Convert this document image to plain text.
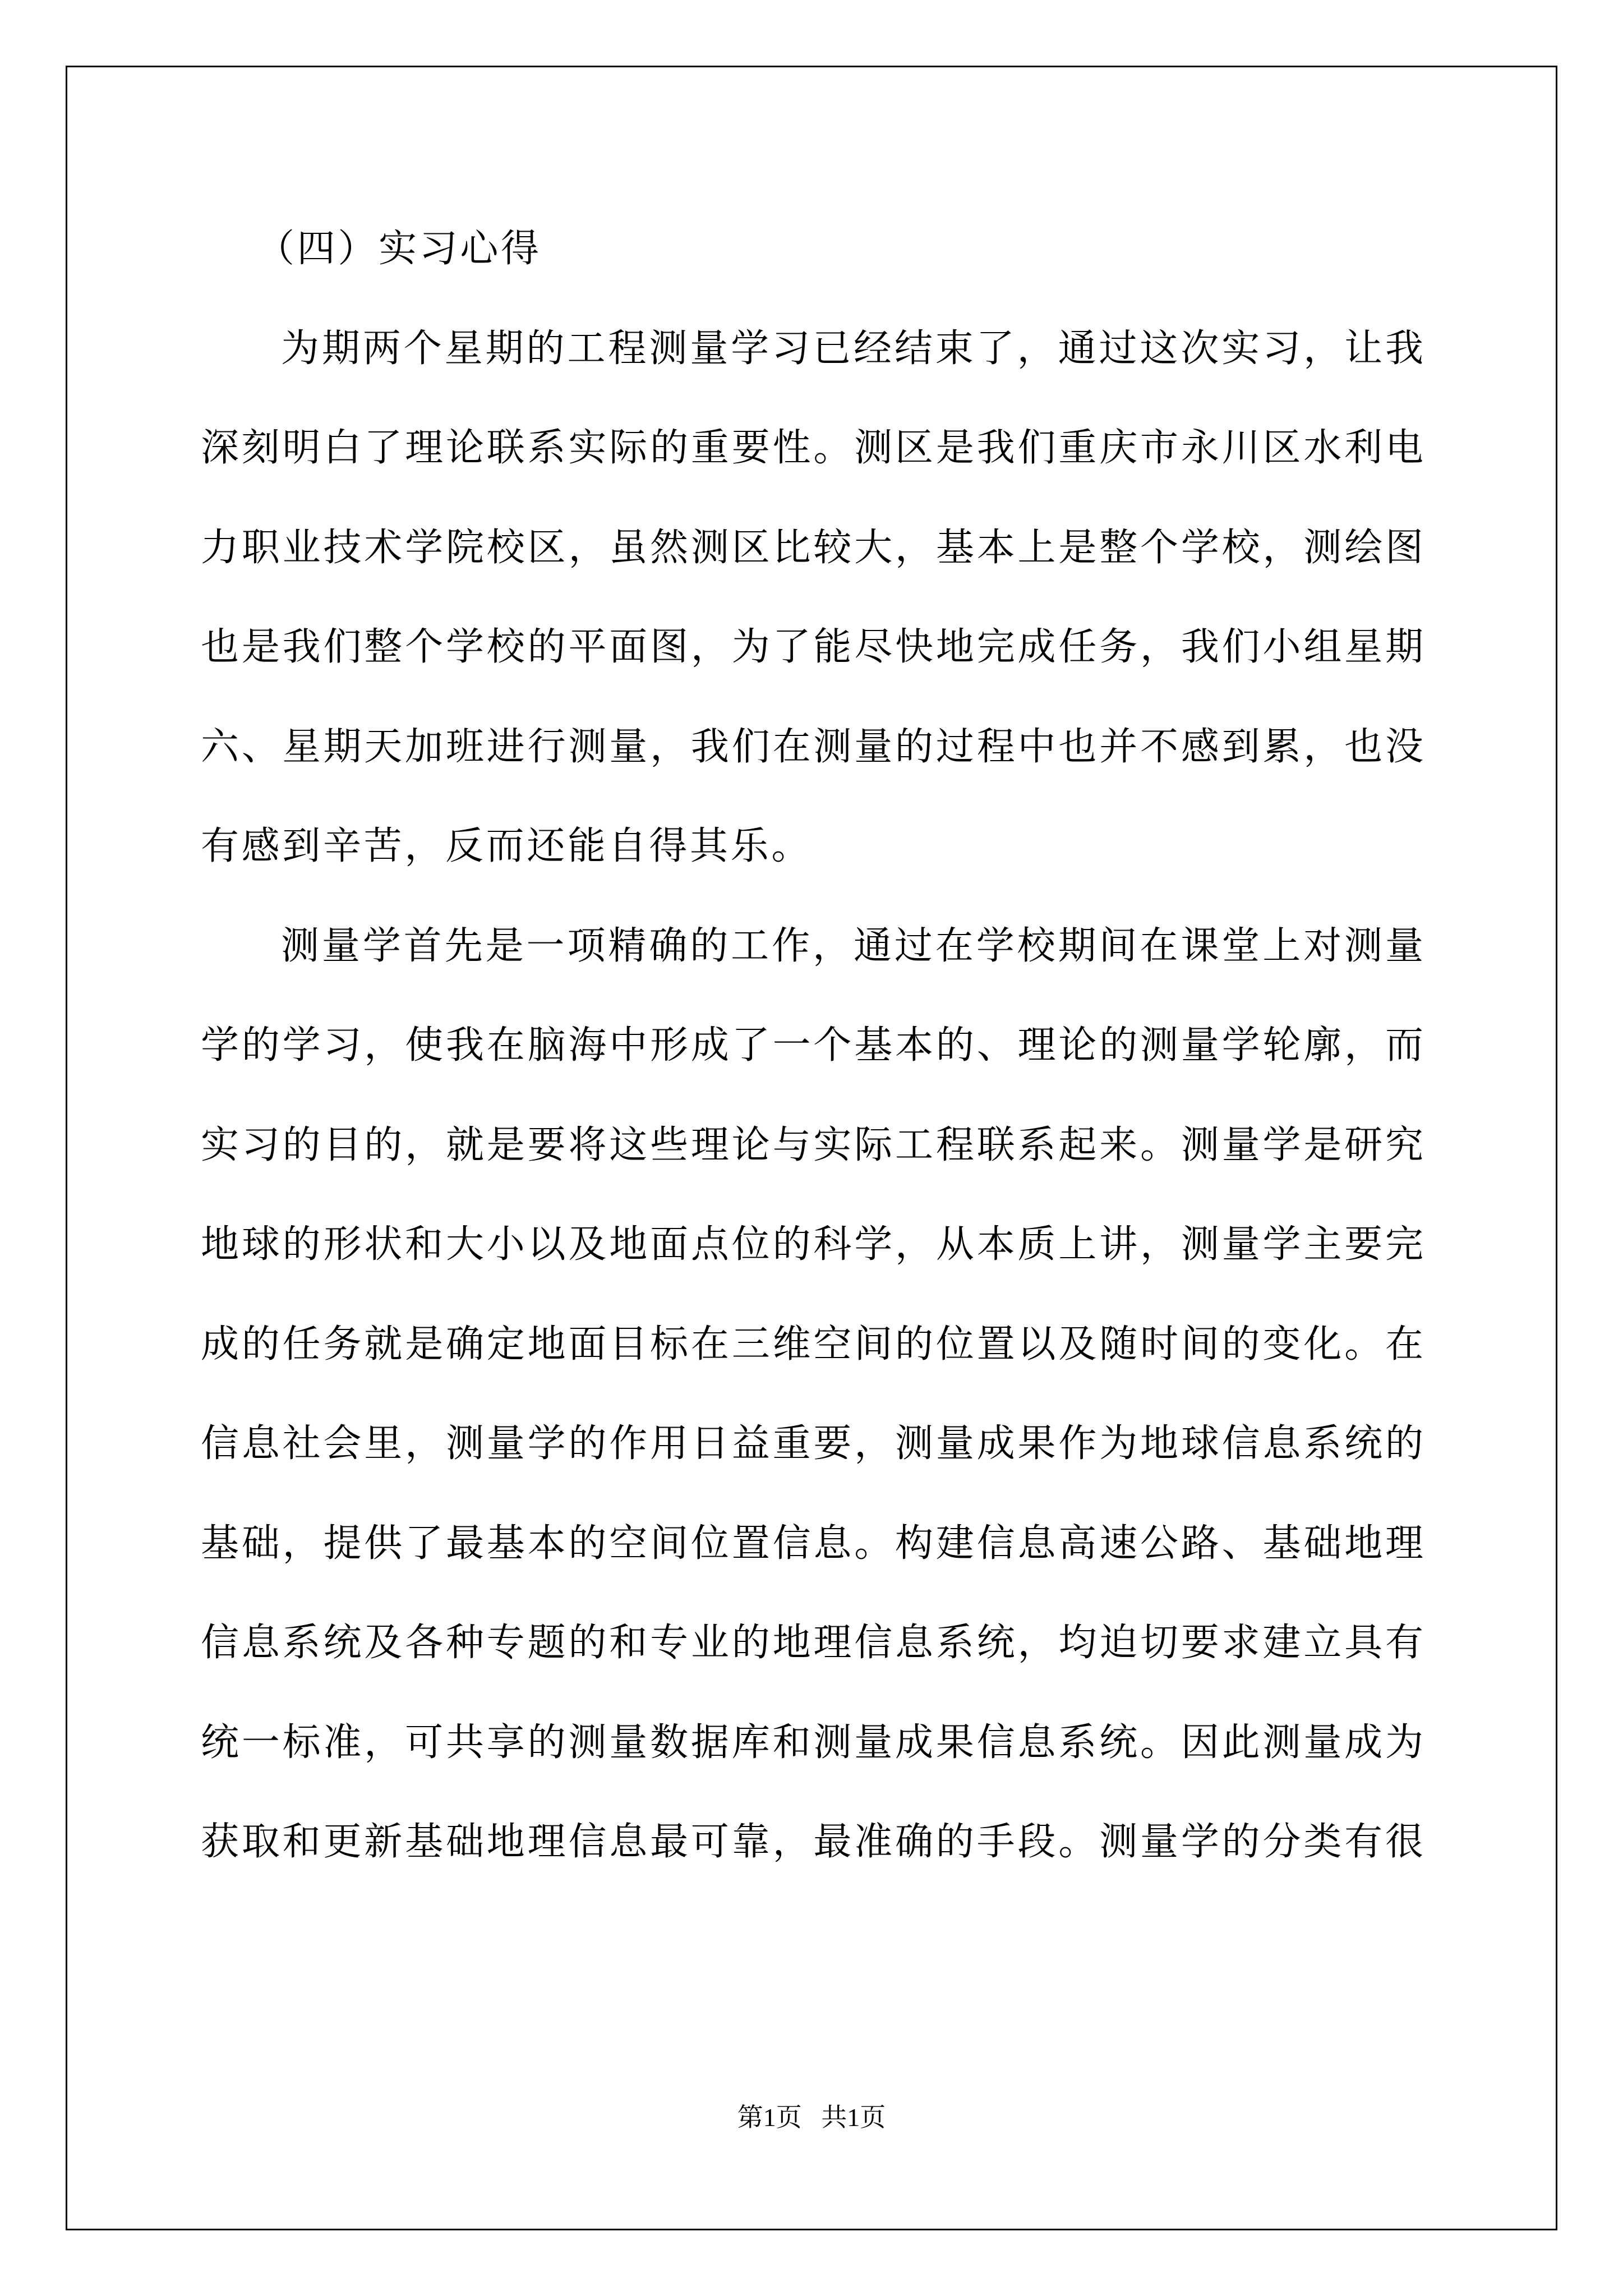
（四）实习心得
为期两个星期的工程测量学习已经结束了，通过这次实习，让我
深刻明白了理论联系实际的重要性。测区是我们重庆市永川区水利电
力职业技术学院校区，虽然测区比较大，基本上是整个学校，测绘图
也是我们整个学校的平面图，为了能尽快地完成任务，我们小组星期
六、星期天加班进行测量，我们在测量的过程中也并不感到累，也没
有感到辛苦，反而还能自得其乐。
测量学首先是一项精确的工作，通过在学校期间在课堂上对测量
学的学习，使我在脑海中形成了一个基本的、理论的测量学轮廓，而
实习的目的，就是要将这些理论与实际工程联系起来。测量学是研究
地球的形状和大小以及地面点位的科学，从本质上讲，测量学主要完
成的任务就是确定地面目标在三维空间的位置以及随时间的变化。在
信息社会里，测量学的作用日益重要，测量成果作为地球信息系统的
基础，提供了最基本的空间位置信息。构建信息高速公路、基础地理
信息系统及各种专题的和专业的地理信息系统，均迫切要求建立具有
统一标准，可共享的测量数据库和测量成果信息系统。因此测量成为
获取和更新基础地理信息最可靠，最准确的手段。测量学的分类有很
第1页   共1页
